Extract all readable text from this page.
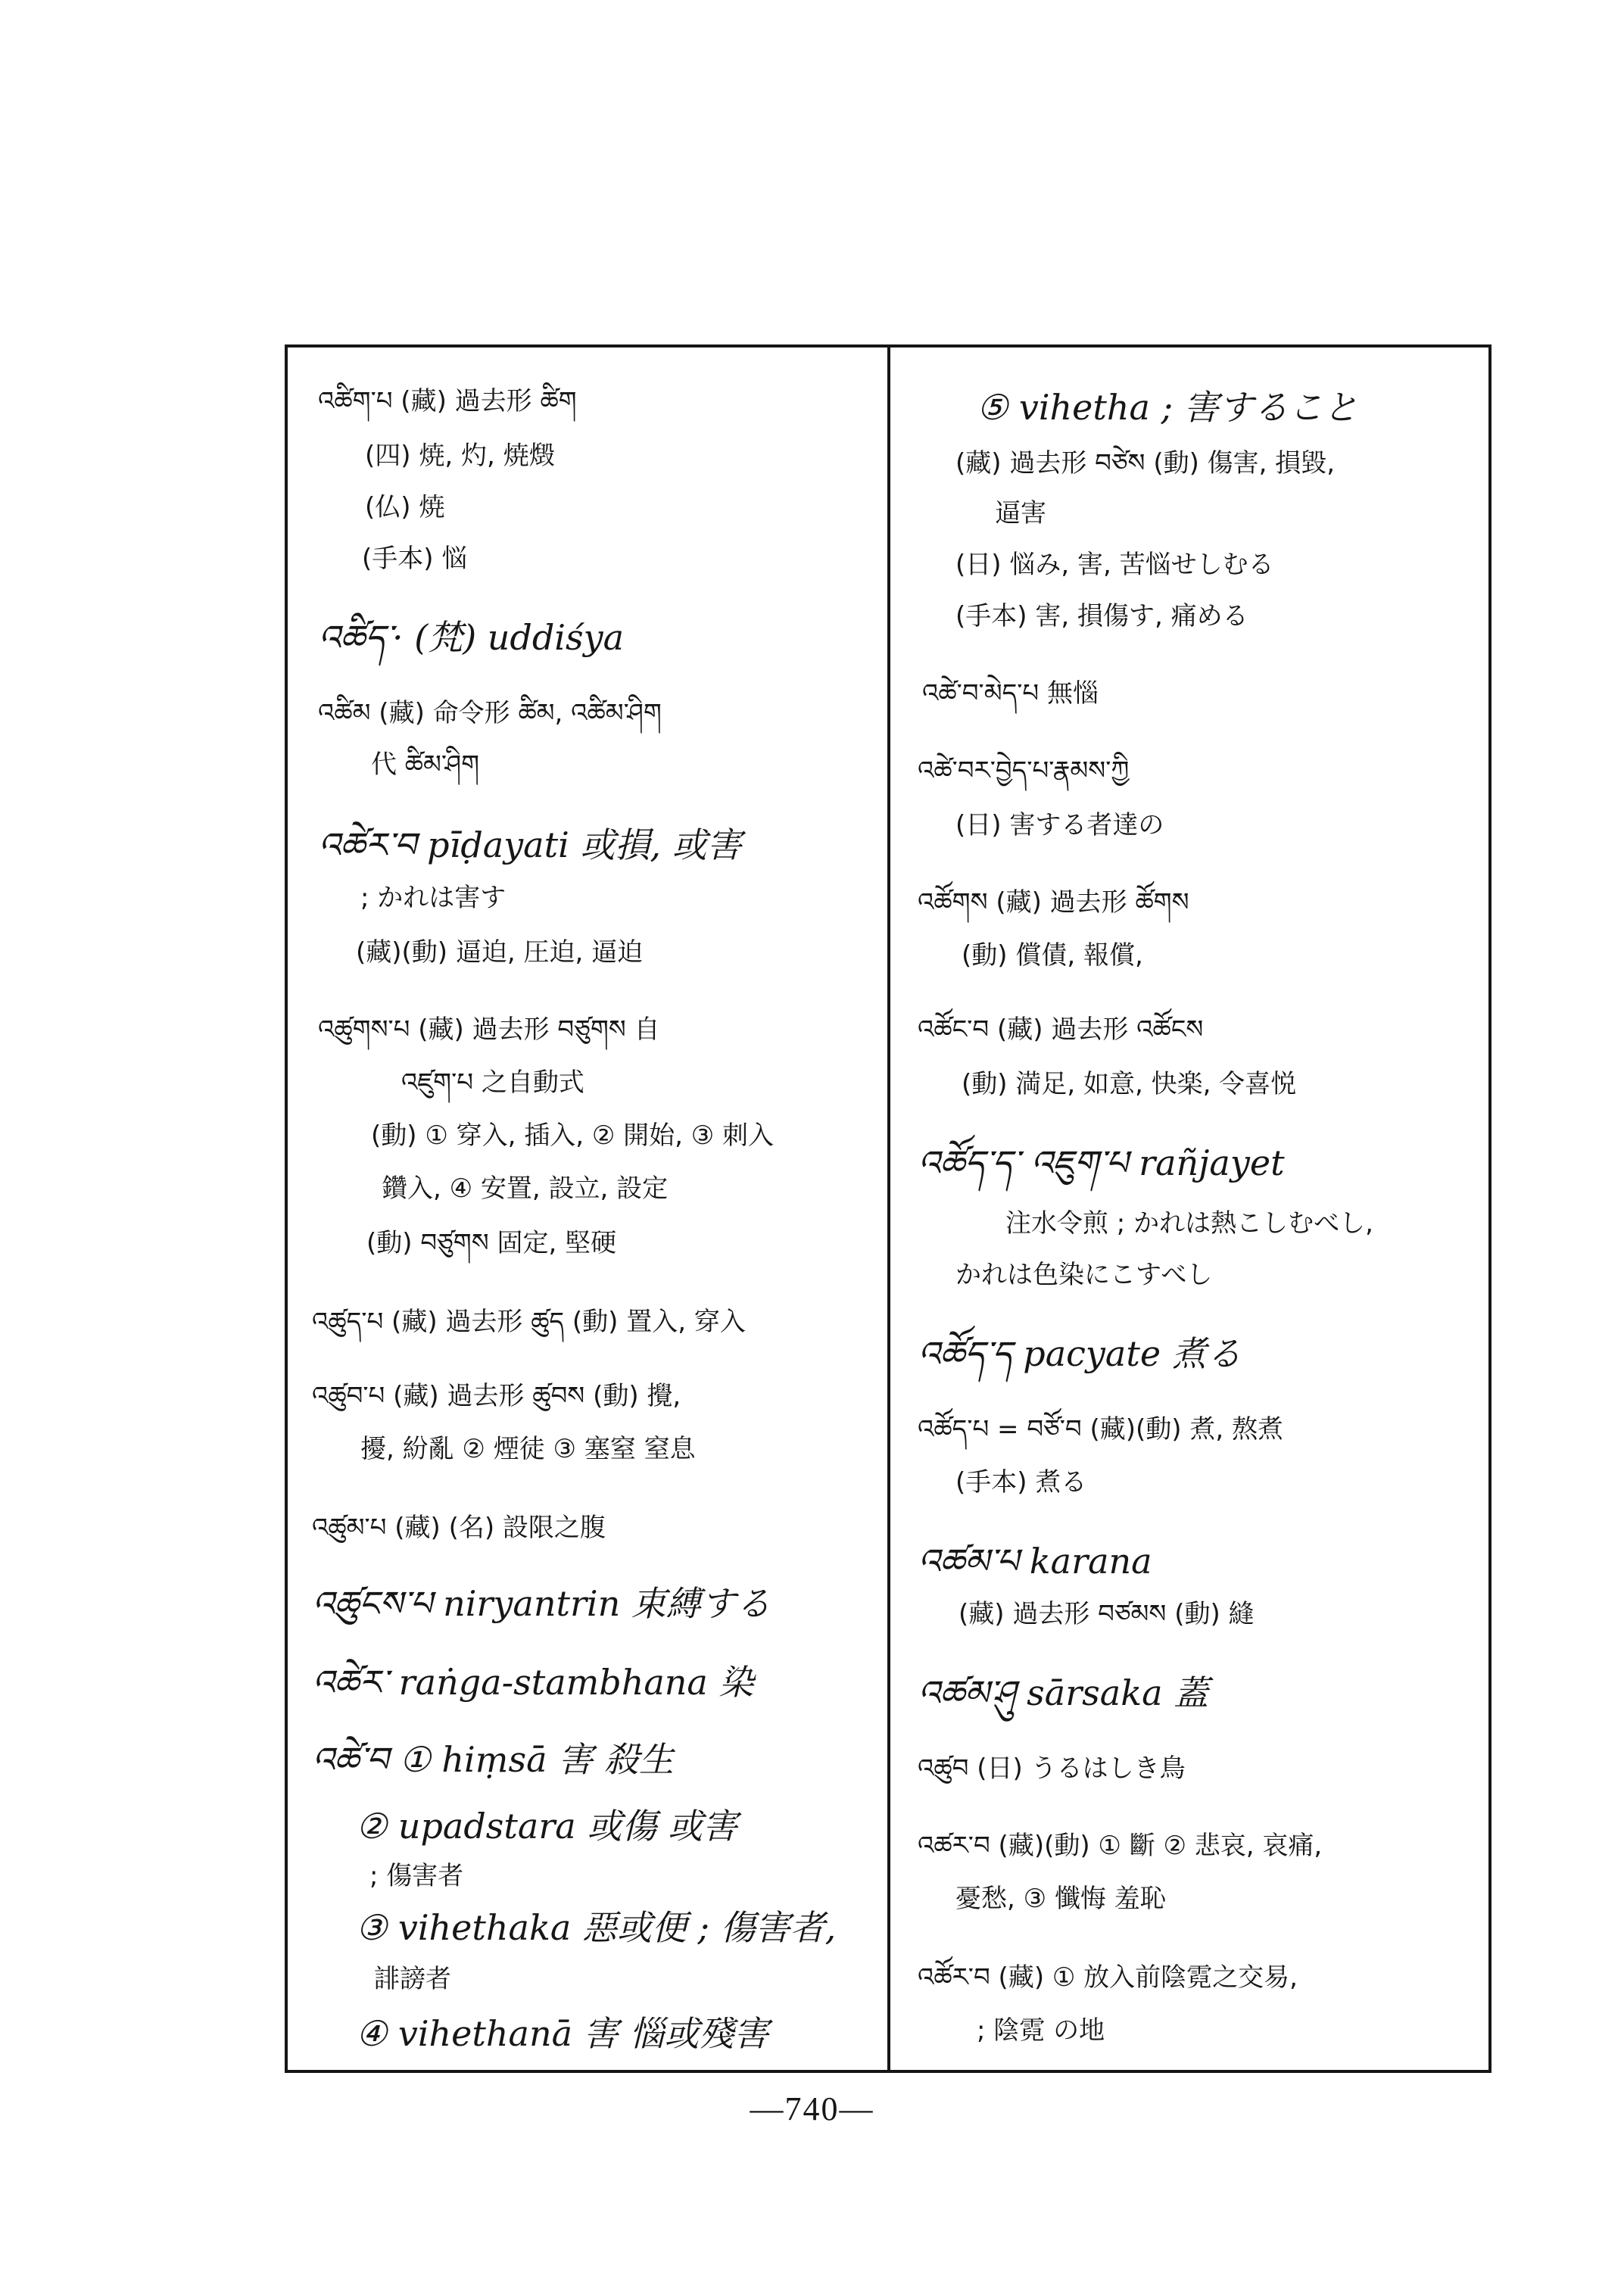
འཚིག་པ (藏) 過去形 ཚིག
(四) 焼, 灼, 焼燬
(仏) 焼
(手本) 悩
འཚིད་· (梵) uddiśya
འཚིམ (藏) 命令形 ཚིམ, འཚིམ་ཤིག
代 ཚིམ་ཤིག
འཚེར་བ pīḍayati 或損, 或害
; かれは害す
(藏)(動) 逼迫, 圧迫, 逼迫
འཚུགས་པ (藏) 過去形 བཙུགས 自
འཛུག་པ 之自動式
(動) ① 穿入, 插入, ② 開始, ③ 刺入
鑽入, ④ 安置, 設立, 設定
(動) བཙུགས 固定, 堅硬
འཚུད་པ (藏) 過去形 ཚུད (動) 置入, 穿入
འཚུབ་པ (藏) 過去形 ཚུབས (動) 攪,
擾, 紛亂 ② 煙徒 ③ 塞窒 窒息
འཚུམ་པ (藏) (名) 設限之腹
འཚུངས་པ niryantrin 束縛する
འཚེར་ raṅga-stambhana 染
འཚེ་བ ① hiṃsā 害 殺生
② upadstara 或傷 或害
; 傷害者
③ vihethaka 惡或便 ; 傷害者,
誹謗者
④ vihethanā 害 惱或殘害
⑤ vihetha ; 害すること
(藏) 過去形 བཙེས (動) 傷害, 損毀,
逼害
(日) 悩み, 害, 苦悩せしむる
(手本) 害, 損傷す, 痛める
འཚེ་བ་མེད་པ 無惱
འཚེ་བར་བྱེད་པ་རྣམས་ཀྱི
(日) 害する者達の
འཚོགས (藏) 過去形 ཚོགས
(動) 償債, 報償,
འཚོང་བ (藏) 過去形 འཚོངས
(動) 満足, 如意, 快楽, 令喜悦
འཚོད་ད་ འཇུག་པ rañjayet
注水令煎 ; かれは熱こしむべし,
かれは色染にこすべし
འཚོད་ད pacyate 煮る
འཚོད་པ = བཙོ་བ (藏)(動) 煮, 熬煮
(手本) 煮る
འཚམ་པ karana
(藏) 過去形 བཙམས (動) 縫
འཚམ་ཤུ sārsaka 蓋
འཚུབ (日) うるはしき鳥
འཚར་བ (藏)(動) ① 斷 ② 悲哀, 哀痛,
憂愁, ③ 懺悔 羞恥
འཚོར་བ (藏) ① 放入前陰霓之交易,
; 陰霓 の地
—740—
